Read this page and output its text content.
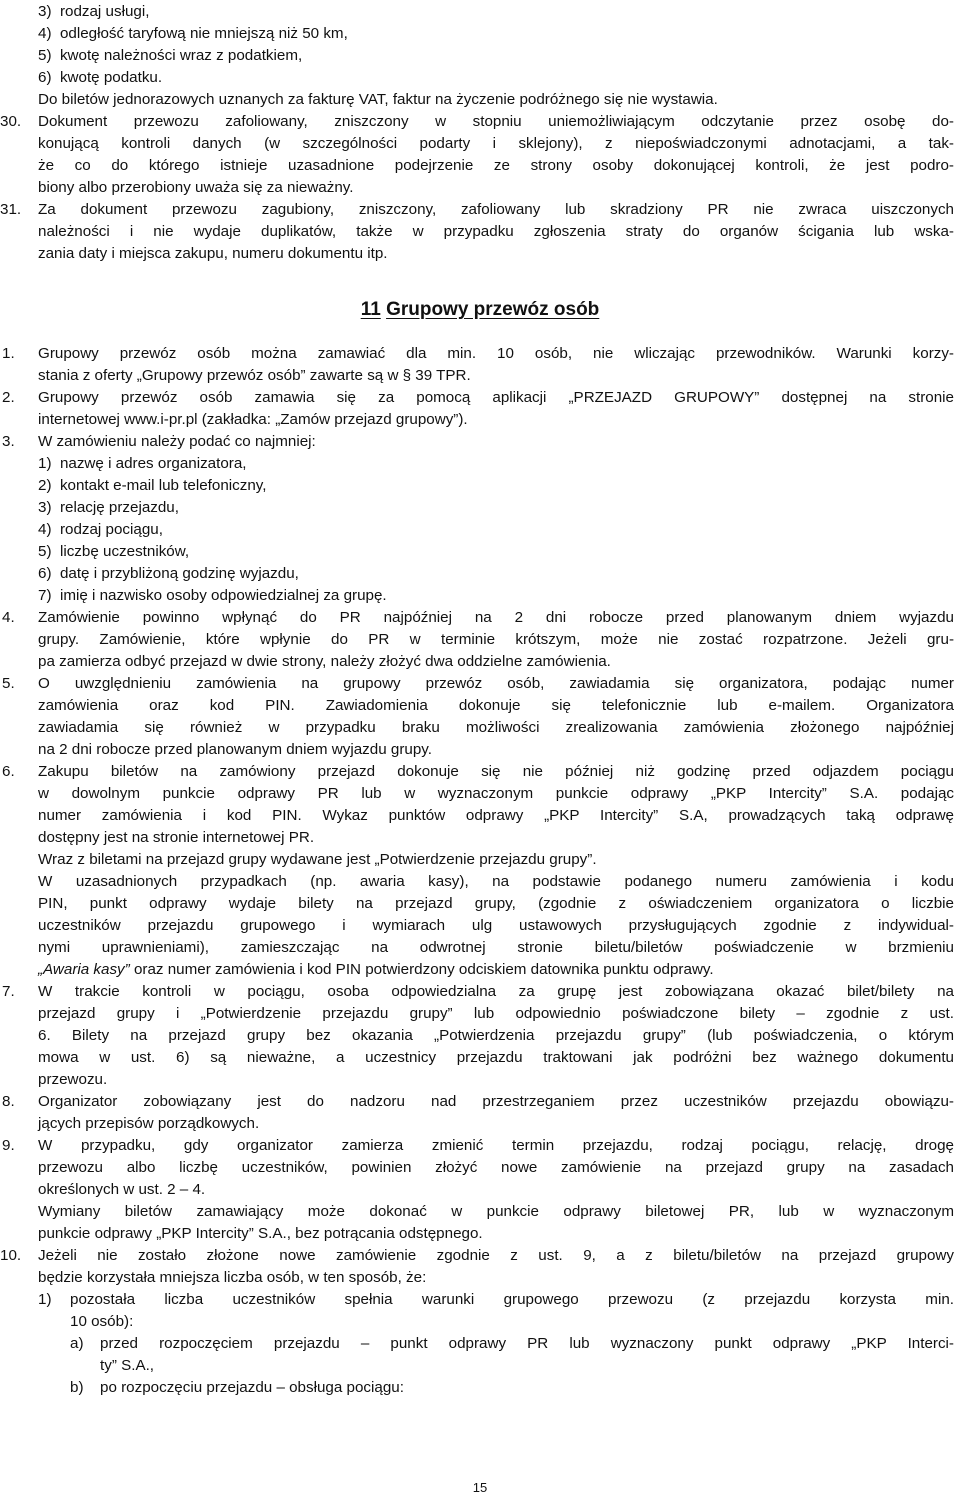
3)  rodzaj usługi,
4)  odległość taryfową nie mniejszą niż 50 km,
5)  kwotę należności wraz z podatkiem,
6)  kwotę podatku.
Do biletów jednorazowych uznanych za fakturę VAT, faktur na życzenie podróżnego się nie wystawia.
30.	Dokument przewozu zafoliowany, zniszczony w stopniu uniemożliwiającym odczytanie przez osobę do-
konującą kontroli danych (w szczególności podarty i sklejony), z niepoświadczonymi adnotacjami, a tak-
że co do którego istnieje uzasadnione podejrzenie ze strony osoby dokonującej kontroli, że jest podro-
biony albo przerobiony uważa się za nieważny.
31.	Za dokument przewozu zagubiony, zniszczony, zafoliowany lub skradziony PR nie zwraca uiszczonych
należności i nie wydaje duplikatów, także w przypadku zgłoszenia straty do organów ścigania lub wska-
zania daty i miejsca zakupu, numeru dokumentu itp.
11 Grupowy przewóz osób
1.	Grupowy przewóz osób można zamawiać dla min. 10 osób, nie wliczając przewodników. Warunki korzy-
stania z oferty „Grupowy przewóz osób” zawarte są w § 39 TPR.
2.	Grupowy przewóz osób zamawia się za pomocą aplikacji „PRZEJAZD GRUPOWY” dostępnej na stronie
internetowej www.i-pr.pl (zakładka: „Zamów przejazd grupowy”).
3.	W zamówieniu należy podać co najmniej:
1)  nazwę i adres organizatora,
2)  kontakt e-mail lub telefoniczny,
3)  relację przejazdu,
4)  rodzaj pociągu,
5)  liczbę uczestników,
6)  datę i przybliżoną godzinę wyjazdu,
7)  imię i nazwisko osoby odpowiedzialnej za grupę.
4.	Zamówienie powinno wpłynąć do PR najpóźniej na 2 dni robocze przed planowanym dniem wyjazdu
grupy. Zamówienie, które wpłynie do PR w terminie krótszym, może nie zostać rozpatrzone. Jeżeli gru-
pa zamierza odbyć przejazd w dwie strony, należy złożyć dwa oddzielne zamówienia.
5.	O uwzględnieniu zamówienia na grupowy przewóz osób, zawiadamia się organizatora, podając numer
zamówienia oraz kod PIN. Zawiadomienia dokonuje się telefonicznie lub e-mailem. Organizatora
zawiadamia się również w przypadku braku możliwości zrealizowania zamówienia złożonego najpóźniej
na 2 dni robocze przed planowanym dniem wyjazdu grupy.
6.	Zakupu biletów na zamówiony przejazd dokonuje się nie później niż godzinę przed odjazdem pociągu
w dowolnym punkcie odprawy PR lub w wyznaczonym punkcie odprawy „PKP Intercity” S.A. podając
numer zamówienia i kod PIN. Wykaz punktów odprawy „PKP Intercity” S.A, prowadzących taką odprawę
dostępny jest na stronie internetowej PR.
Wraz z biletami na przejazd grupy wydawane jest „Potwierdzenie przejazdu grupy”.
W uzasadnionych przypadkach (np. awaria kasy), na podstawie podanego numeru zamówienia i kodu
PIN, punkt odprawy wydaje bilety na przejazd grupy, (zgodnie z oświadczeniem organizatora o liczbie
uczestników przejazdu grupowego i wymiarach ulg ustawowych przysługujących zgodnie z indywidual-
nymi uprawnieniami), zamieszczając na odwrotnej stronie biletu/biletów poświadczenie w brzmieniu
„Awaria kasy” oraz numer zamówienia i kod PIN potwierdzony odciskiem datownika punktu odprawy.
7.	W trakcie kontroli w pociągu, osoba odpowiedzialna za grupę jest zobowiązana okazać bilet/bilety na
przejazd grupy i „Potwierdzenie przejazdu grupy” lub odpowiednio poświadczone bilety – zgodnie z ust.
6. Bilety na przejazd grupy bez okazania „Potwierdzenia przejazdu grupy” (lub poświadczenia, o którym
mowa w ust. 6) są nieważne, a uczestnicy przejazdu traktowani jak podróżni bez ważnego dokumentu
przewozu.
8.	Organizator zobowiązany jest do nadzoru nad przestrzeganiem przez uczestników przejazdu obowiązu-
jących przepisów porządkowych.
9.	W przypadku, gdy organizator zamierza zmienić termin przejazdu, rodzaj pociągu, relację, drogę
przewozu albo liczbę uczestników, powinien złożyć nowe zamówienie na przejazd grupy na zasadach
określonych w ust. 2 – 4.
Wymiany biletów zamawiający może dokonać w punkcie odprawy biletowej PR, lub w wyznaczonym
punkcie odprawy „PKP Intercity” S.A., bez potrącania odstępnego.
10.	Jeżeli nie zostało złożone nowe zamówienie zgodnie z ust. 9, a z biletu/biletów na przejazd grupowy
będzie korzystała mniejsza liczba osób, w ten sposób, że:
1)	pozostała liczba uczestników spełnia warunki grupowego przewozu (z przejazdu korzysta min.
10 osób):
a)	przed rozpoczęciem przejazdu – punkt odprawy PR lub wyznaczony punkt odprawy „PKP Interci-
ty” S.A.,
b)	po rozpoczęciu przejazdu – obsługa pociągu:
15
